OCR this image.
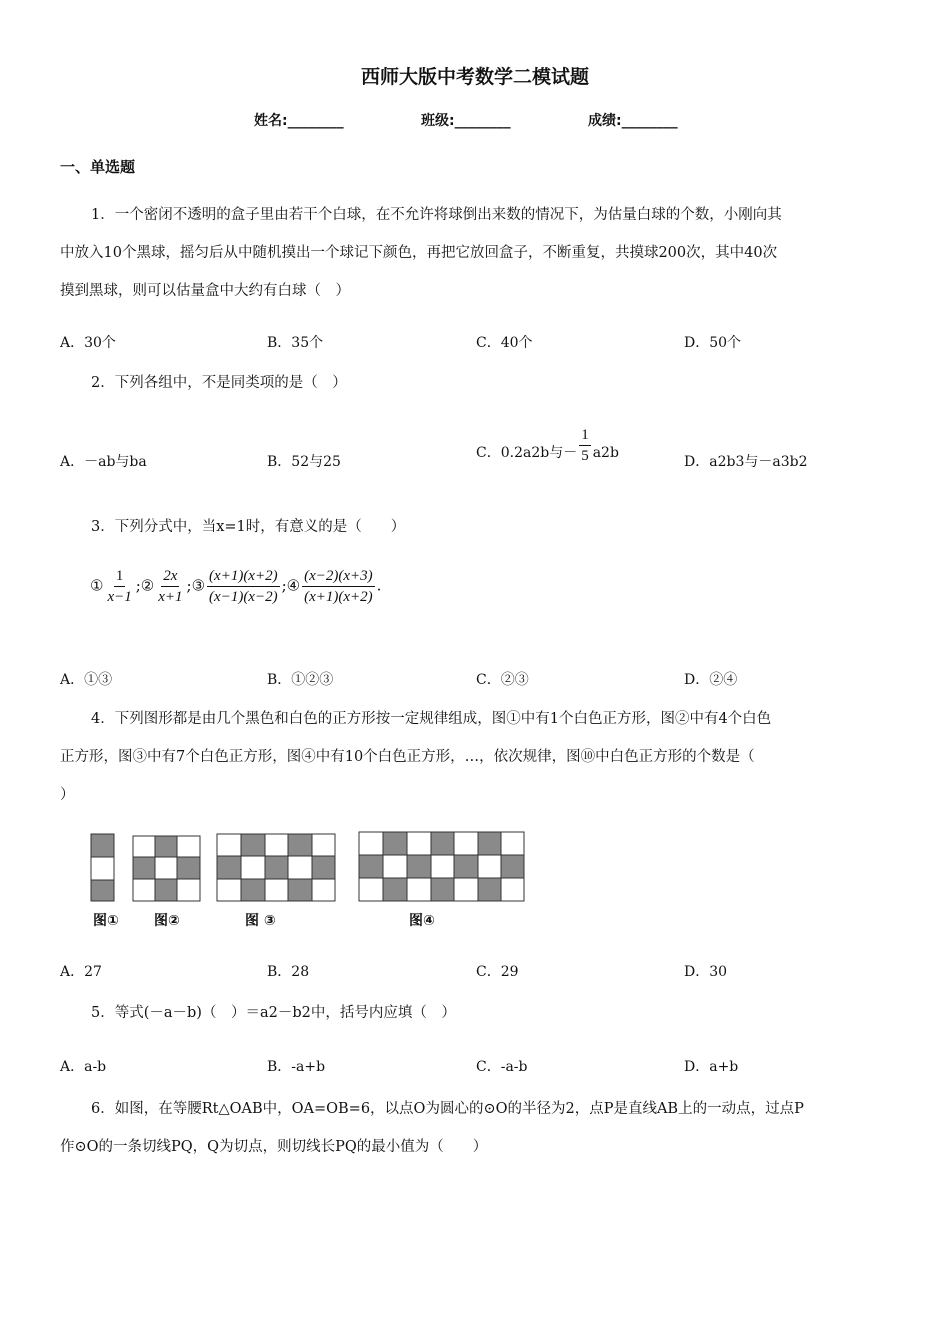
西师大版中考数学二模试题
姓名:________	班级:________	成绩:________
一、单选题
1．一个密闭不透明的盒子里由若干个白球，在不允许将球倒出来数的情况下，为估量白球的个数，小刚向其
中放入10个黑球，摇匀后从中随机摸出一个球记下颜色，再把它放回盒子，不断重复，共摸球200次，其中40次
摸到黑球，则可以估量盒中大约有白球（　）
A．30个	B．35个	C．40个	D．50个
2．下列各组中，不是同类项的是（　）
A．－ab与ba	B．52与25
C．0.2a2b与－ $\frac{1}{5} a2b$
D．a2b3与－a3b2
3．下列分式中，当x=1时，有意义的是（　　）
① $\frac{1}{x-1}$ ;② $\frac{2x}{x+1}$ ;③ $\frac{(x+1)(x+2)}{(x-1)(x-2)}$ ;④ $\frac{(x-2)(x+3)}{(x+1)(x+2)}$ .
A．①③	B．①②③	C．②③	D．②④
4．下列图形都是由几个黑色和白色的正方形按一定规律组成，图①中有1个白色正方形，图②中有4个白色
正方形，图③中有7个白色正方形，图④中有10个白色正方形，…，依次规律，图⑩中白色正方形的个数是（
）
图①	图②	图 ③	图④
A．27	B．28	C．29	D．30
5．等式(－a－b)（　）＝a2－b2中，括号内应填（　）
A．a-b	B．-a+b	C．-a-b	D．a+b
6．如图，在等腰Rt△OAB中，OA=OB=6，以点O为圆心的⊙O的半径为2，点P是直线AB上的一动点，过点P
作⊙O的一条切线PQ，Q为切点，则切线长PQ的最小值为（　　）
